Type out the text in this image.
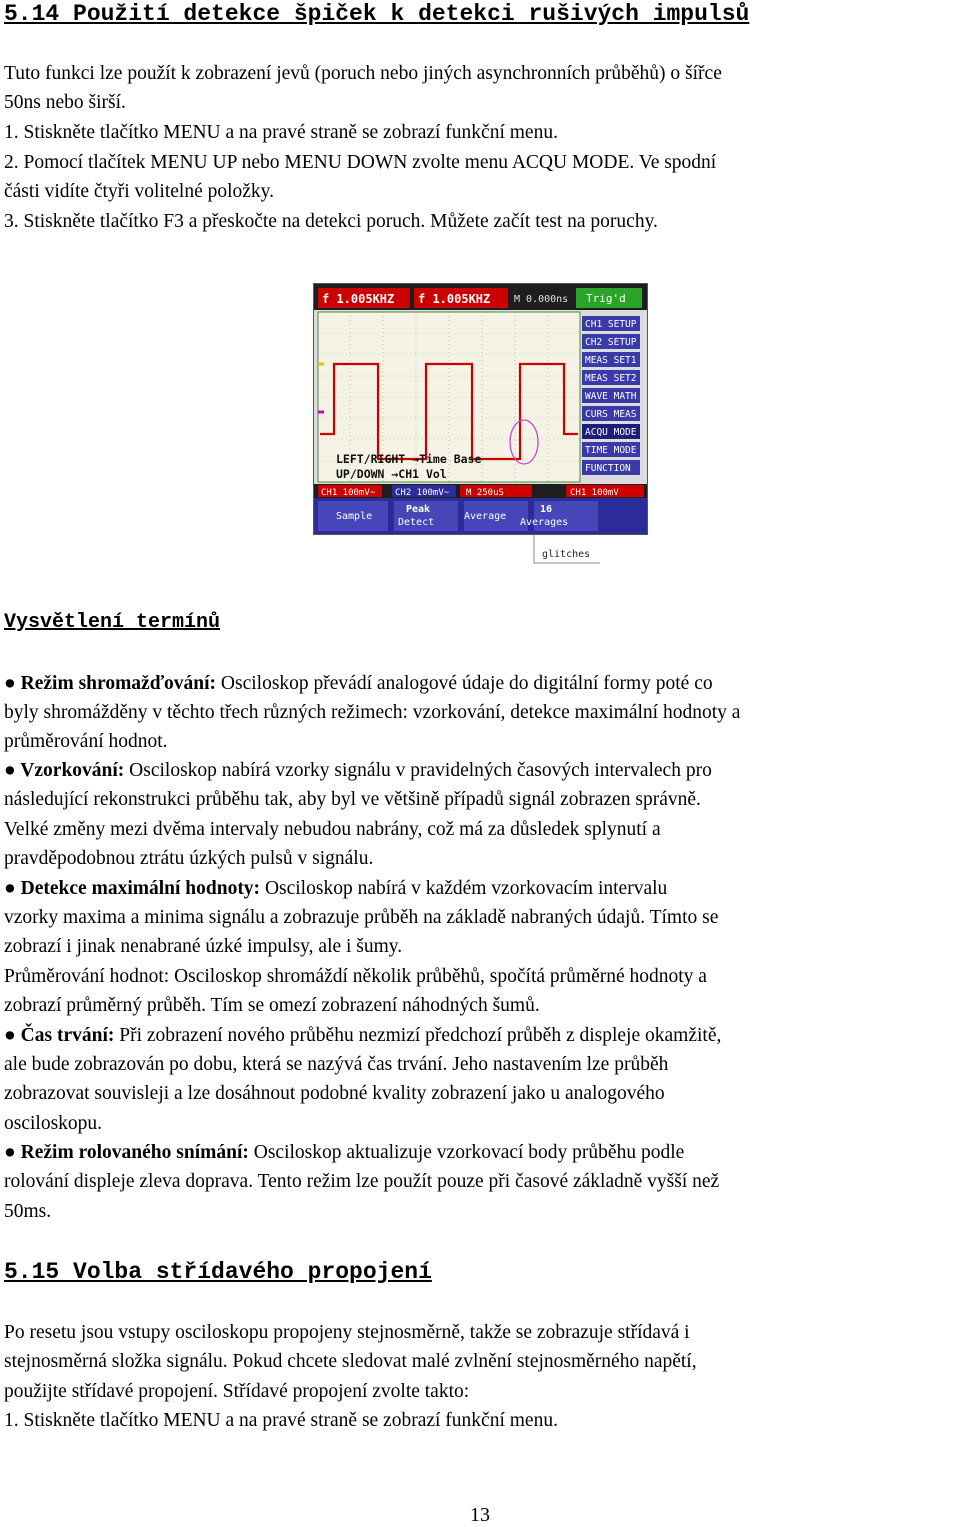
5.14 Použití detekce špiček k detekci rušivých impulsů
Tuto funkci lze použít k zobrazení jevů (poruch nebo jiných asynchronních průběhů) o šířce
50ns nebo širší.
1. Stiskněte tlačítko MENU a na pravé straně se zobrazí funkční menu.
2. Pomocí tlačítek MENU UP nebo MENU DOWN zvolte menu ACQU MODE. Ve spodní
části vidíte čtyři volitelné položky.
3. Stiskněte tlačítko F3 a přeskočte na detekci poruch. Můžete začít test na poruchy.
f 1.005KHZ f 1.005KHZ M 0.000ns Trig'd
LEFT/RIGHT →Time Base
UP/DOWN →CH1 Vol
CH1 SETUP
CH2 SETUP
MEAS SET1
MEAS SET2
WAVE MATH
CURS MEAS
ACQU MODE
TIME MODE
FUNCTION
CH1 100mV~ CH2 100mV~ M 250uS	CH1 100mV
Sample
Peak
Detect
Average
16
Averages
glitches
Vysvětlení termínů
● Režim shromažďování: Osciloskop převádí analogové údaje do digitální formy poté co
byly shromážděny v těchto třech různých režimech: vzorkování, detekce maximální hodnoty a
průměrování hodnot.
● Vzorkování: Osciloskop nabírá vzorky signálu v pravidelných časových intervalech pro
následující rekonstrukci průběhu tak, aby byl ve většině případů signál zobrazen správně.
Velké změny mezi dvěma intervaly nebudou nabrány, což má za důsledek splynutí a
pravděpodobnou ztrátu úzkých pulsů v signálu.
● Detekce maximální hodnoty: Osciloskop nabírá v každém vzorkovacím intervalu
vzorky maxima a minima signálu a zobrazuje průběh na základě nabraných údajů. Tímto se
zobrazí i jinak nenabrané úzké impulsy, ale i šumy.
Průměrování hodnot: Osciloskop shromáždí několik průběhů, spočítá průměrné hodnoty a
zobrazí průměrný průběh. Tím se omezí zobrazení náhodných šumů.
● Čas trvání: Při zobrazení nového průběhu nezmizí předchozí průběh z displeje okamžitě,
ale bude zobrazován po dobu, která se nazývá čas trvání. Jeho nastavením lze průběh
zobrazovat souvisleji a lze dosáhnout podobné kvality zobrazení jako u analogového
osciloskopu.
● Režim rolovaného snímání: Osciloskop aktualizuje vzorkovací body průběhu podle
rolování displeje zleva doprava. Tento režim lze použít pouze při časové základně vyšší než
50ms.
5.15 Volba střídavého propojení
Po resetu jsou vstupy osciloskopu propojeny stejnosměrně, takže se zobrazuje střídavá i
stejnosměrná složka signálu. Pokud chcete sledovat malé zvlnění stejnosměrného napětí,
použijte střídavé propojení. Střídavé propojení zvolte takto:
1. Stiskněte tlačítko MENU a na pravé straně se zobrazí funkční menu.
13
